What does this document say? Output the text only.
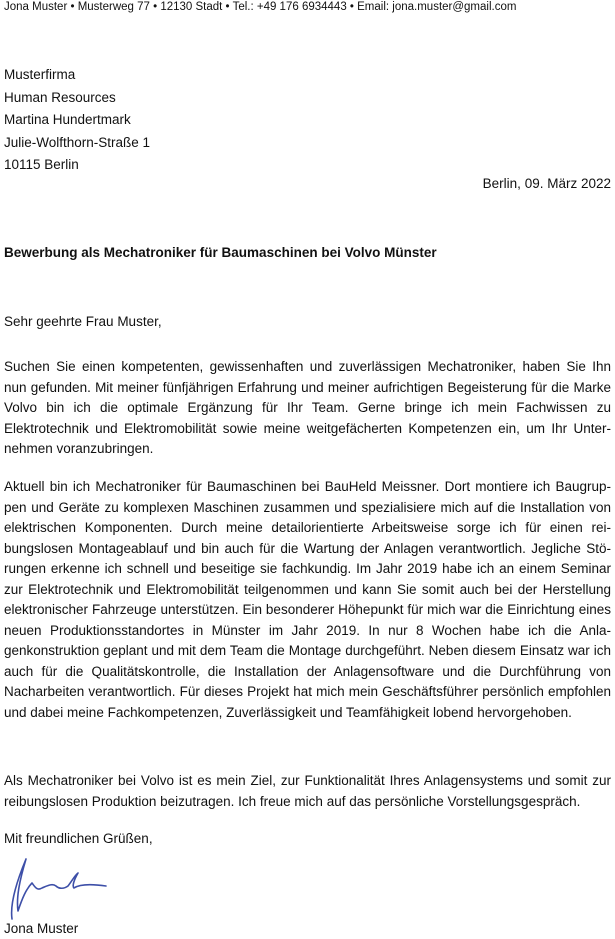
Jona Muster • Musterweg 77 • 12130 Stadt • Tel.: +49 176 6934443 • Email: jona.muster@gmail.com
Musterfirma
Human Resources
Martina Hundertmark
Julie-Wolfthorn-Straße 1
10115 Berlin
Berlin, 09. März 2022
Bewerbung als Mechatroniker für Baumaschinen bei Volvo Münster
Sehr geehrte Frau Muster,
Suchen Sie einen kompetenten, gewissenhaften und zuverlässigen Mechatroniker, haben Sie Ihn nun gefunden. Mit meiner fünfjährigen Erfahrung und meiner aufrichtigen Begeisterung für die Marke Volvo bin ich die optimale Ergänzung für Ihr Team. Gerne bringe ich mein Fachwissen zu Elektrotechnik und Elektromobilität sowie meine weitgefächerten Kompetenzen ein, um Ihr Unternehmen voranzubringen.
Aktuell bin ich Mechatroniker für Baumaschinen bei BauHeld Meissner. Dort montiere ich Baugruppen und Geräte zu komplexen Maschinen zusammen und spezialisiere mich auf die Installation von elektrischen Komponenten. Durch meine detailorientierte Arbeitsweise sorge ich für einen reibungslosen Montageablauf und bin auch für die Wartung der Anlagen verantwortlich. Jegliche Störungen erkenne ich schnell und beseitige sie fachkundig. Im Jahr 2019 habe ich an einem Seminar zur Elektrotechnik und Elektromobilität teilgenommen und kann Sie somit auch bei der Herstellung elektronischer Fahrzeuge unterstützen. Ein besonderer Höhepunkt für mich war die Einrichtung eines neuen Produktionsstandortes in Münster im Jahr 2019. In nur 8 Wochen habe ich die Anlagenkonstruktion geplant und mit dem Team die Montage durchgeführt. Neben diesem Einsatz war ich auch für die Qualitätskontrolle, die Installation der Anlagensoftware und die Durchführung von Nacharbeiten verantwortlich. Für dieses Projekt hat mich mein Geschäftsführer persönlich empfohlen und dabei meine Fachkompetenzen, Zuverlässigkeit und Teamfähigkeit lobend hervorgehoben.
Als Mechatroniker bei Volvo ist es mein Ziel, zur Funktionalität Ihres Anlagensystems und somit zur reibungslosen Produktion beizutragen. Ich freue mich auf das persönliche Vorstellungsgespräch.
Mit freundlichen Grüßen,
Jona Muster
